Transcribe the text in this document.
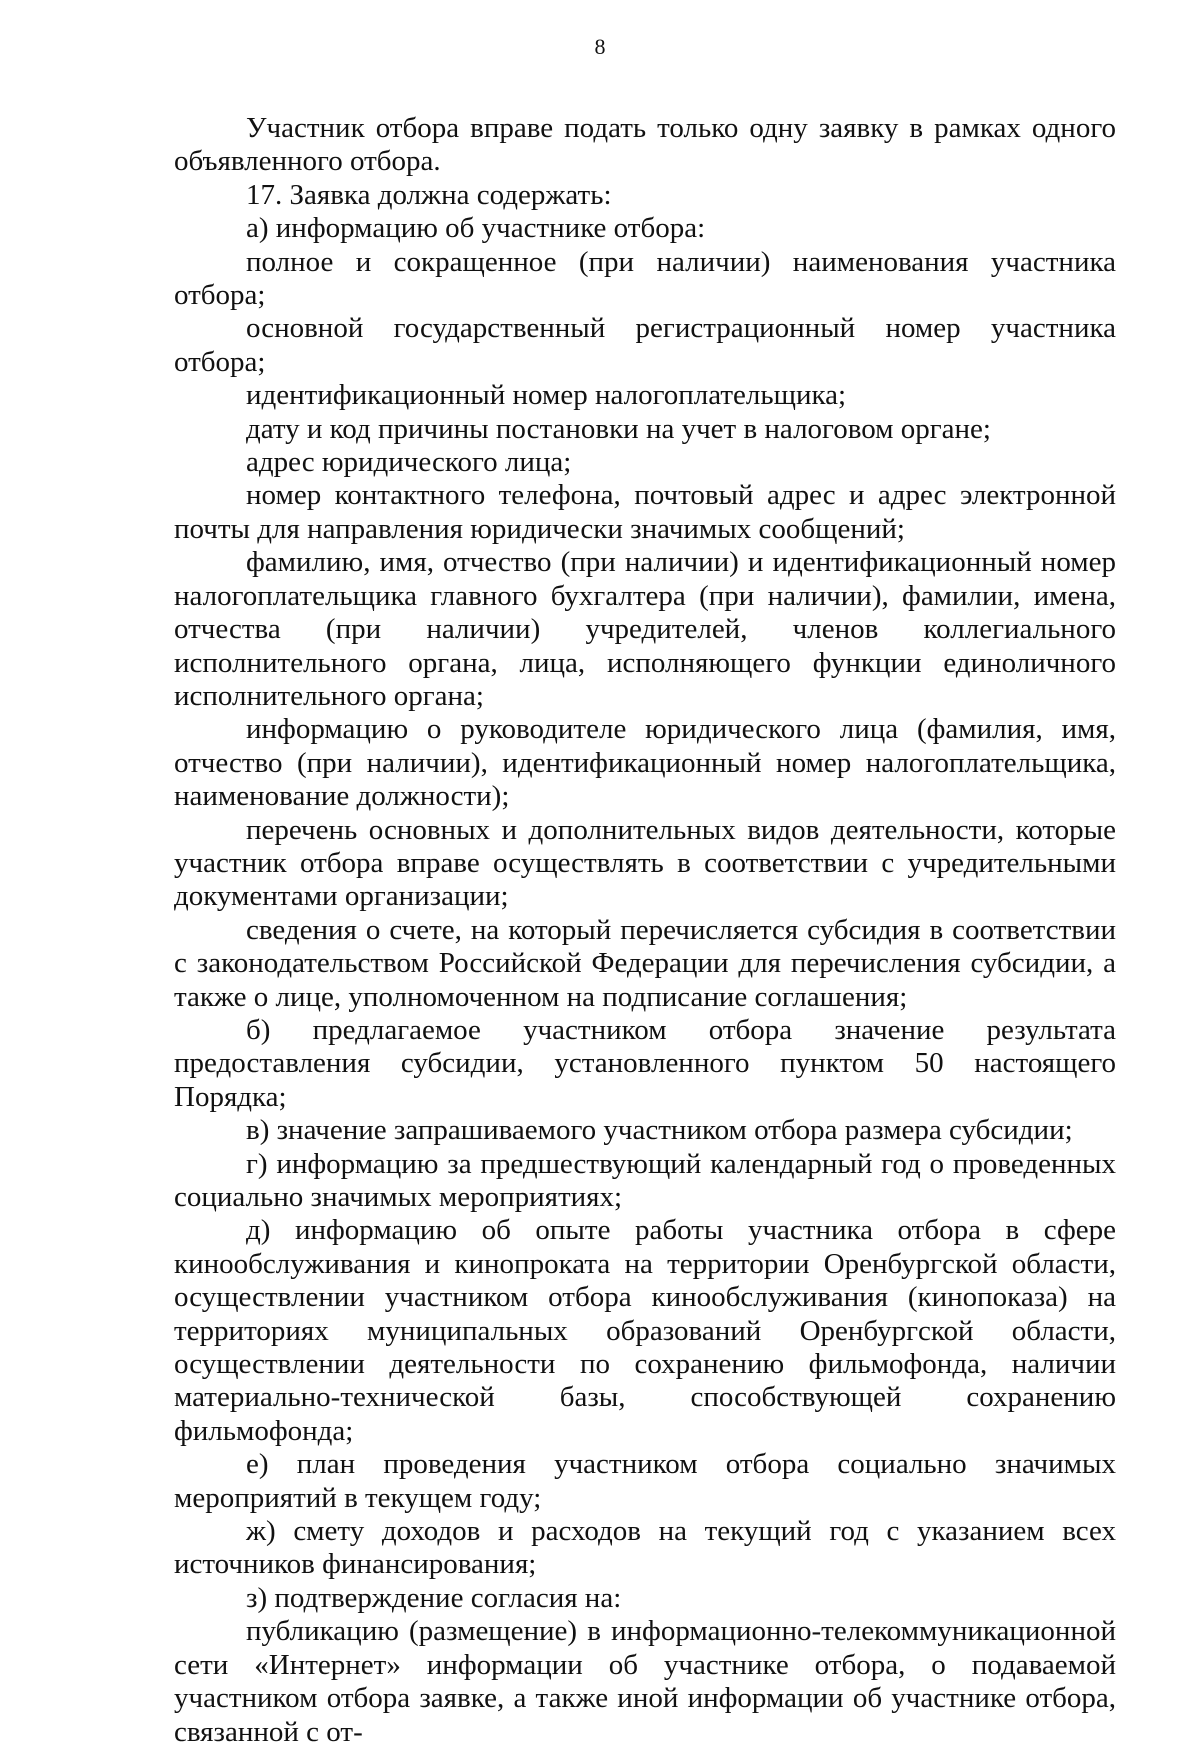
8

Участник отбора вправе подать только одну заявку в рамках одного объявленного отбора.

17. Заявка должна содержать:

а) информацию об участнике отбора:

полное и сокращенное (при наличии) наименования участника отбора;

основной государственный регистрационный номер участника отбора;

идентификационный номер налогоплательщика;

дату и код причины постановки на учет в налоговом органе;

адрес юридического лица;

номер контактного телефона, почтовый адрес и адрес электронной почты для направления юридически значимых сообщений;

фамилию, имя, отчество (при наличии) и идентификационный номер налогоплательщика главного бухгалтера (при наличии), фамилии, имена, отчества (при наличии) учредителей, членов коллегиального исполнительного органа, лица, исполняющего функции единоличного исполнительного органа;

информацию о руководителе юридического лица (фамилия, имя, отчество (при наличии), идентификационный номер налогоплательщика, наименование должности);

перечень основных и дополнительных видов деятельности, которые участник отбора вправе осуществлять в соответствии с учредительными документами организации;

сведения о счете, на который перечисляется субсидия в соответствии с законодательством Российской Федерации для перечисления субсидии, а также о лице, уполномоченном на подписание соглашения;

б) предлагаемое участником отбора значение результата предоставления субсидии, установленного пунктом 50 настоящего Порядка;

в) значение запрашиваемого участником отбора размера субсидии;

г) информацию за предшествующий календарный год о проведенных социально значимых мероприятиях;

д) информацию об опыте работы участника отбора в сфере кинообслуживания и кинопроката на территории Оренбургской области, осуществлении участником отбора кинообслуживания (кинопоказа) на территориях муниципальных образований Оренбургской области, осуществлении деятельности по сохранению фильмофонда, наличии материально-технической базы, способствующей сохранению фильмофонда;

е) план проведения участником отбора социально значимых мероприятий в текущем году;

ж) смету доходов и расходов на текущий год с указанием всех источников финансирования;

з) подтверждение согласия на:

публикацию (размещение) в информационно-телекоммуникационной сети «Интернет» информации об участнике отбора, о подаваемой участником отбора заявке, а также иной информации об участнике отбора, связанной с от-
